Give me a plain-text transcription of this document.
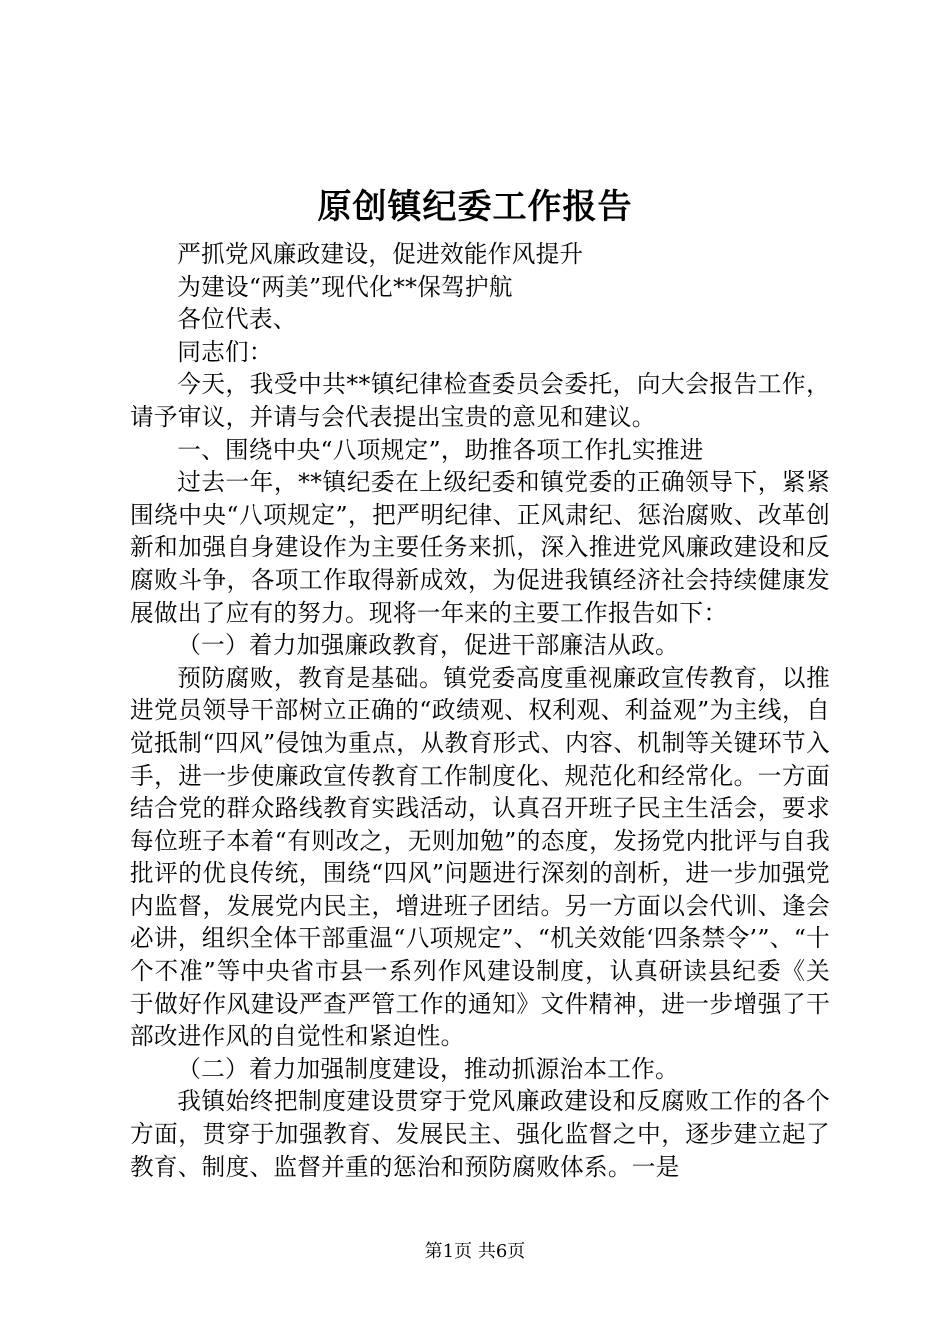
原创镇纪委工作报告

严抓党风廉政建设，促进效能作风提升

为建设“两美”现代化**保驾护航

各位代表、

同志们：

今天，我受中共**镇纪律检查委员会委托，向大会报告工作，请予审议，并请与会代表提出宝贵的意见和建议。

一、围绕中央“八项规定”，助推各项工作扎实推进

过去一年，**镇纪委在上级纪委和镇党委的正确领导下，紧紧围绕中央“八项规定”，把严明纪律、正风肃纪、惩治腐败、改革创新和加强自身建设作为主要任务来抓，深入推进党风廉政建设和反腐败斗争，各项工作取得新成效，为促进我镇经济社会持续健康发展做出了应有的努力。现将一年来的主要工作报告如下：

（一）着力加强廉政教育，促进干部廉洁从政。

预防腐败，教育是基础。镇党委高度重视廉政宣传教育，以推进党员领导干部树立正确的“政绩观、权利观、利益观”为主线，自觉抵制“四风”侵蚀为重点，从教育形式、内容、机制等关键环节入手，进一步使廉政宣传教育工作制度化、规范化和经常化。一方面结合党的群众路线教育实践活动，认真召开班子民主生活会，要求每位班子本着“有则改之，无则加勉”的态度，发扬党内批评与自我批评的优良传统，围绕“四风”问题进行深刻的剖析，进一步加强党内监督，发展党内民主，增进班子团结。另一方面以会代训、逢会必讲，组织全体干部重温“八项规定”、“机关效能‘四条禁令’”、“十个不准”等中央省市县一系列作风建设制度，认真研读县纪委《关于做好作风建设严查严管工作的通知》文件精神，进一步增强了干部改进作风的自觉性和紧迫性。

（二）着力加强制度建设，推动抓源治本工作。

我镇始终把制度建设贯穿于党风廉政建设和反腐败工作的各个方面，贯穿于加强教育、发展民主、强化监督之中，逐步建立起了教育、制度、监督并重的惩治和预防腐败体系。一是

第1页 共6页
